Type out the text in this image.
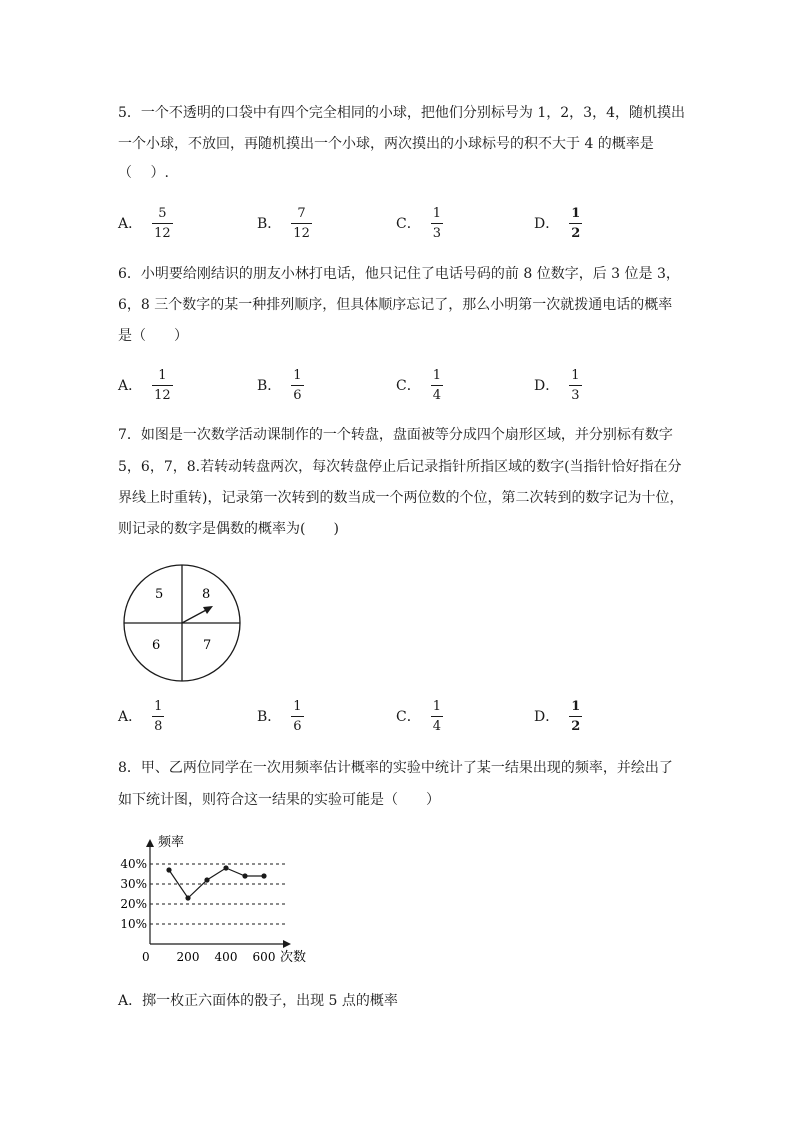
5．一个不透明的口袋中有四个完全相同的小球，把他们分别标号为 1，2，3，4，随机摸出
一个小球，不放回，再随机摸出一个小球，两次摸出的小球标号的积不大于 4 的概率是
（　 ）.
A． $\frac{5}{12}$	B． $\frac{7}{12}$	C． $\frac{1}{3}$	D． $\frac{1}{2}$
6．小明要给刚结识的朋友小林打电话，他只记住了电话号码的前 8 位数字，后 3 位是 3，
6，8 三个数字的某一种排列顺序，但具体顺序忘记了，那么小明第一次就拨通电话的概率
是（　　）
A． $\frac{1}{12}$	B． $\frac{1}{6}$	C． $\frac{1}{4}$	D． $\frac{1}{3}$
7．如图是一次数学活动课制作的一个转盘，盘面被等分成四个扇形区域，并分别标有数字
5，6，7，8.若转动转盘两次，每次转盘停止后记录指针所指区域的数字(当指针恰好指在分
界线上时重转)，记录第一次转到的数当成一个两位数的个位，第二次转到的数字记为十位，
则记录的数字是偶数的概率为(　　)
5	8
6	7
A． $\frac{1}{8}$	B． $\frac{1}{6}$	C． $\frac{1}{4}$	D． $\frac{1}{2}$
8．甲、乙两位同学在一次用频率估计概率的实验中统计了某一结果出现的频率，并绘出了
如下统计图，则符合这一结果的实验可能是（　　）
频率
10%
20%
30%
40%
0 200 400 600 次数
A．掷一枚正六面体的骰子，出现 5 点的概率
